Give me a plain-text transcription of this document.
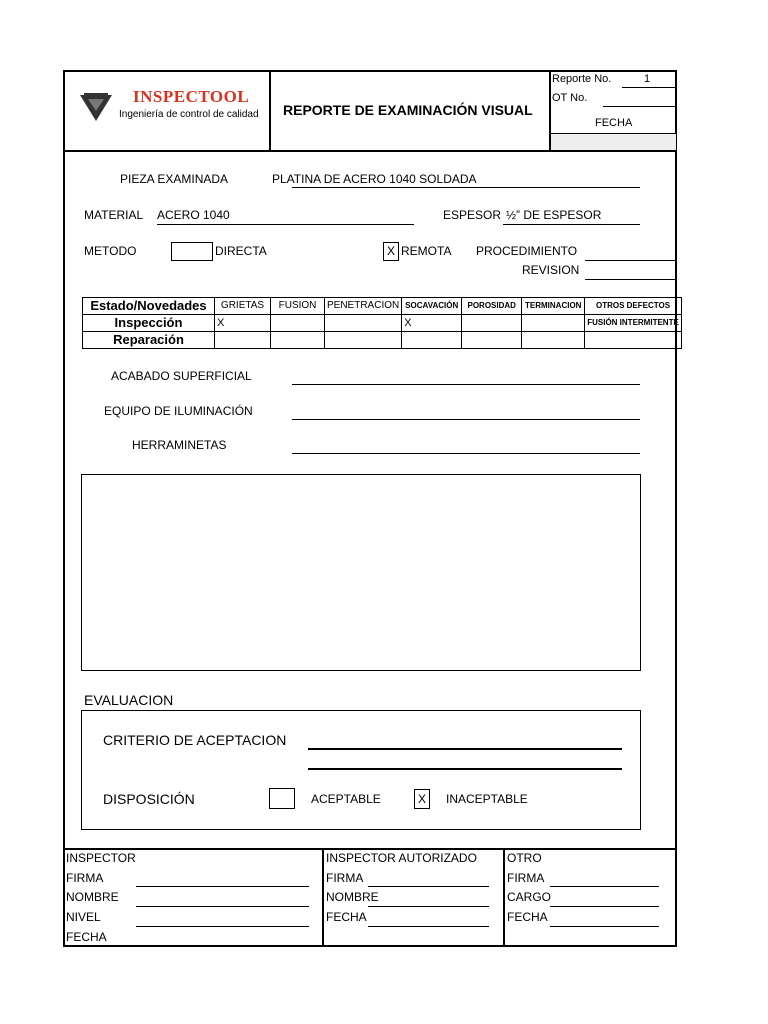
INSPECTOOL
Ingeniería de control de calidad REPORTE DE EXAMINACIÓN VISUAL
Reporte No.	1
OT No.
FECHA
PIEZA EXAMINADA	PLATINA DE ACERO 1040 SOLDADA
MATERIAL ACERO 1040	ESPESOR ½” DE ESPESOR
METODO	DIRECTA	X REMOTA PROCEDIMIENTO
REVISION
Estado/Novedades	GRIETAS	FUSION	PENETRACION	SOCAVACIÓN	POROSIDAD	TERMINACION	OTROS DEFECTOS
Inspección	X			X			FUSIÓN INTERMITENTE
Reparación							
ACABADO SUPERFICIAL
EQUIPO DE ILUMINACIÓN
HERRAMINETAS
EVALUACION
CRITERIO DE ACEPTACION
DISPOSICIÓN	ACEPTABLE	X	INACEPTABLE
INSPECTOR
FIRMA
NOMBRE
NIVEL
FECHA
INSPECTOR AUTORIZADO
FIRMA
NOMBRE
FECHA
OTRO
FIRMA
CARGO
FECHA
